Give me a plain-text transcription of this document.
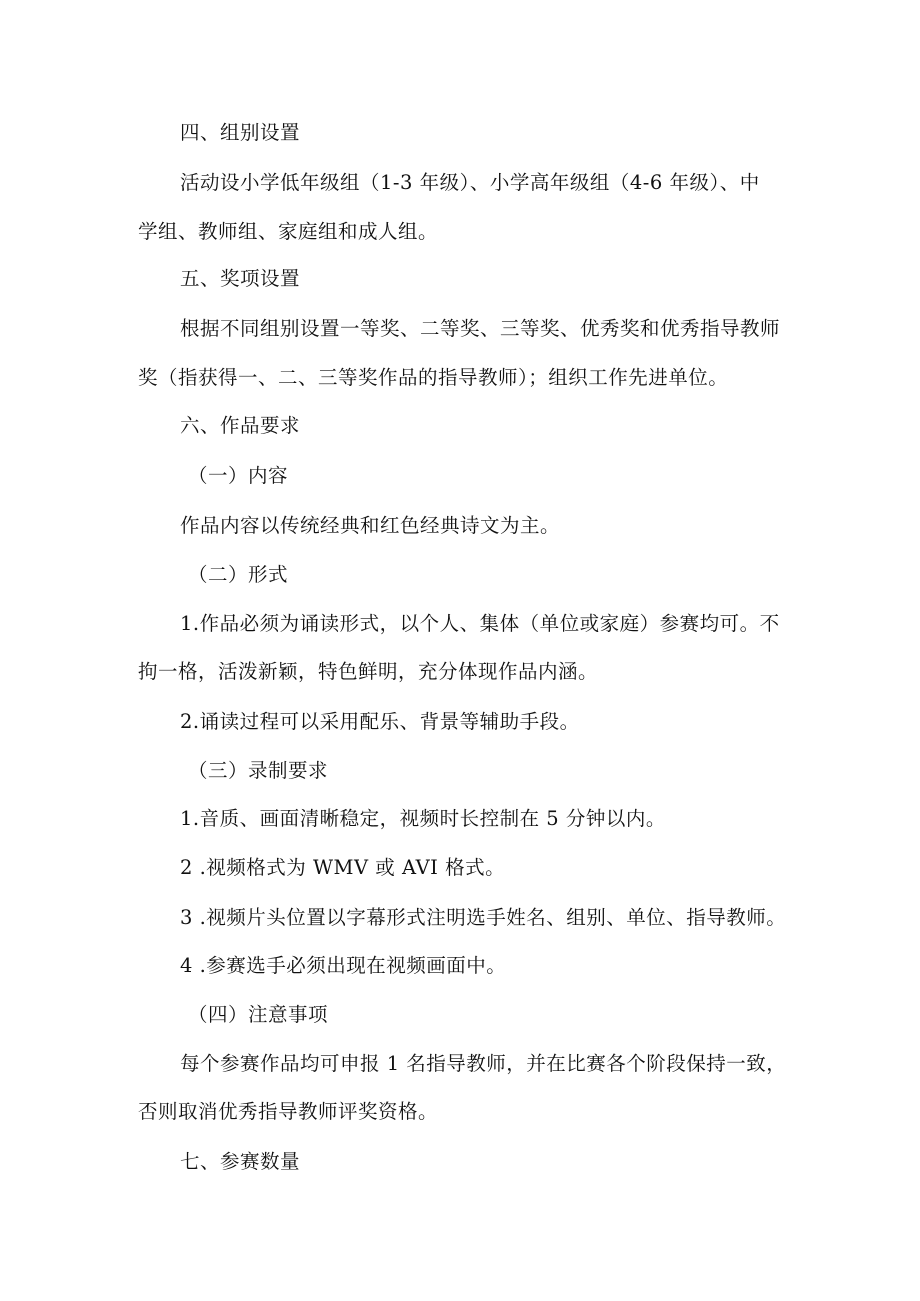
四、组别设置
活动设小学低年级组（1-3 年级）、小学高年级组（4-6 年级）、中
学组、教师组、家庭组和成人组。
五、奖项设置
根据不同组别设置一等奖、二等奖、三等奖、优秀奖和优秀指导教师
奖（指获得一、二、三等奖作品的指导教师）；组织工作先进单位。
六、作品要求
（一）内容
作品内容以传统经典和红色经典诗文为主。
（二）形式
1.作品必须为诵读形式，以个人、集体（单位或家庭）参赛均可。不
拘一格，活泼新颖，特色鲜明，充分体现作品内涵。
2.诵读过程可以采用配乐、背景等辅助手段。
（三）录制要求
1.音质、画面清晰稳定，视频时长控制在 5 分钟以内。
2 .视频格式为 WMV 或 AVI 格式。
3 .视频片头位置以字幕形式注明选手姓名、组别、单位、指导教师。
4 .参赛选手必须出现在视频画面中。
（四）注意事项
每个参赛作品均可申报 1 名指导教师，并在比赛各个阶段保持一致，
否则取消优秀指导教师评奖资格。
七、参赛数量
